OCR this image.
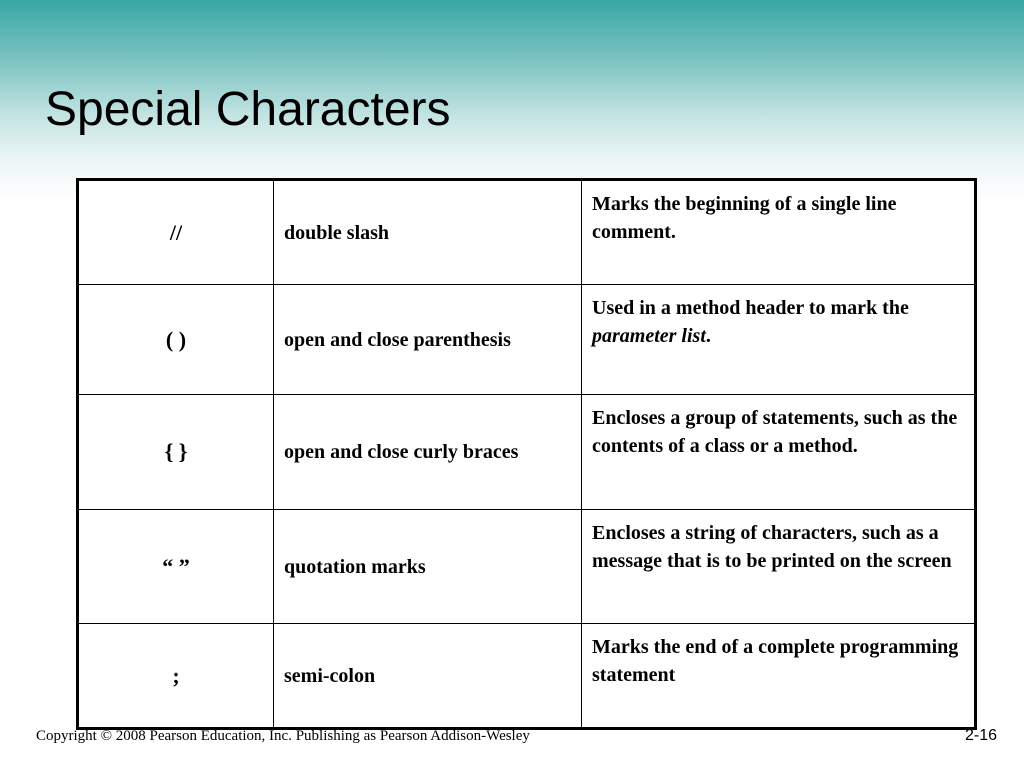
Special Characters
//	double slash	Marks the beginning of a single line comment.
( )	open and close parenthesis	Used in a method header to mark the parameter list.
{ }	open and close curly braces	Encloses a group of statements, such as the contents of a class or a method.
“ ”	quotation marks	Encloses a string of characters, such as a message that is to be printed on the screen
;	semi-colon	Marks the end of a complete programming statement
Copyright © 2008 Pearson Education, Inc. Publishing as Pearson Addison-Wesley	2-16
